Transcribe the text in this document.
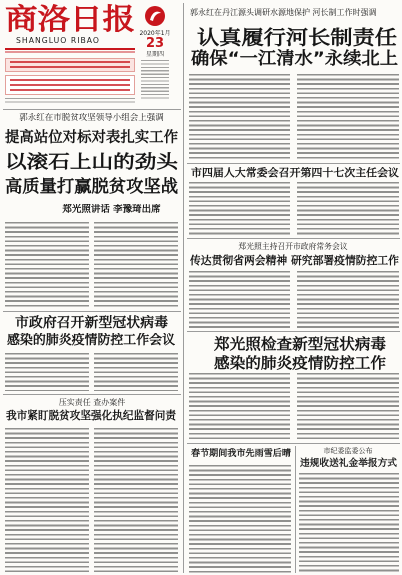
商洛日报
SHANGLUO RIBAO
2020年1月
23
星期四
郭永红在丹江源头调研水源地保护 河长制工作时强调
认真履行河长制责任
确保“一江清水”永续北上
郭永红在市脱贫攻坚领导小组会上强调
提高站位对标对表扎实工作
以滚石上山的劲头
高质量打赢脱贫攻坚战
郑光照讲话 李豫琦出席
市政府召开新型冠状病毒
感染的肺炎疫情防控工作会议
压实责任 查办案件
我市紧盯脱贫攻坚强化执纪监督问责
市四届人大常委会召开第四十七次主任会议
郑光照主持召开市政府常务会议
传达贯彻省两会精神 研究部署疫情防控工作
郑光照检查新型冠状病毒
感染的肺炎疫情防控工作
春节期间我市先雨雪后晴	市纪委监委公布
违规收送礼金举报方式
